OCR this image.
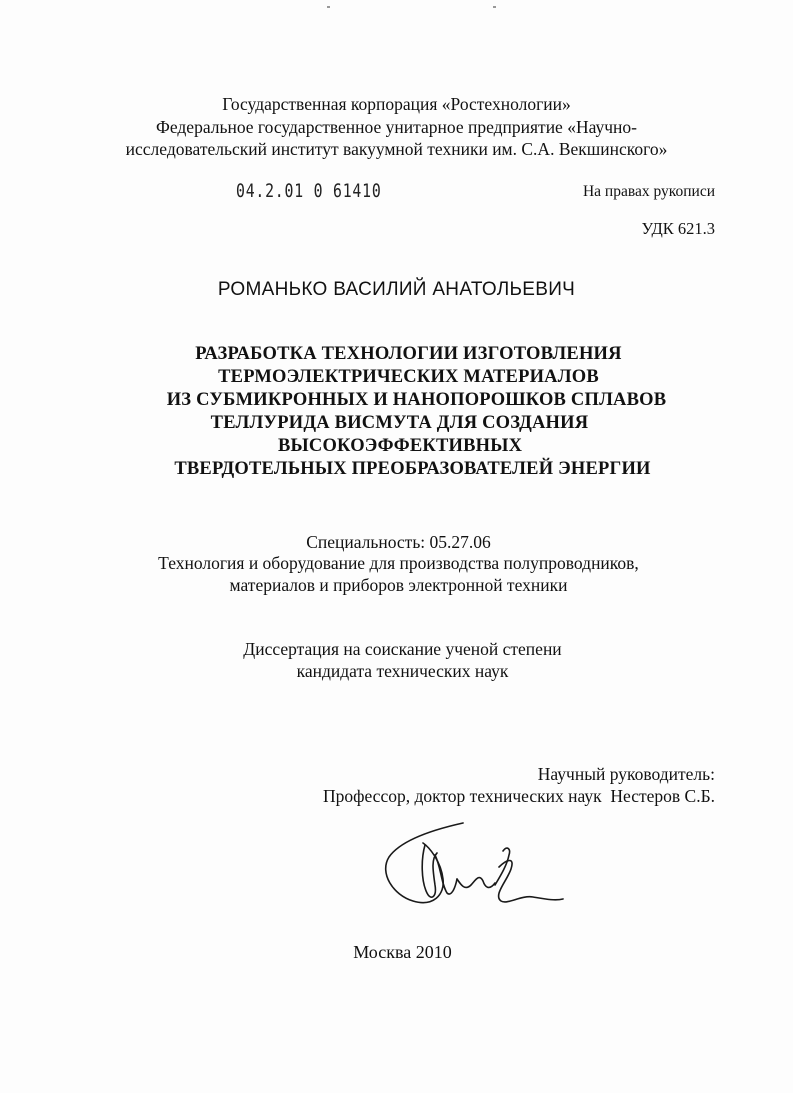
Государственная корпорация «Ростехнологии»
Федеральное государственное унитарное предприятие «Научно-
исследовательский институт вакуумной техники им. С.А. Векшинского»
04.2.01 0 61410	На правах рукописи
УДК 621.3
РОМАНЬКО ВАСИЛИЙ АНАТОЛЬЕВИЧ
РАЗРАБОТКА ТЕХНОЛОГИИ ИЗГОТОВЛЕНИЯ
ТЕРМОЭЛЕКТРИЧЕСКИХ МАТЕРИАЛОВ
ИЗ СУБМИКРОННЫХ И НАНОПОРОШКОВ СПЛАВОВ
ТЕЛЛУРИДА ВИСМУТА ДЛЯ СОЗДАНИЯ
ВЫСОКОЭФФЕКТИВНЫХ
ТВЕРДОТЕЛЬНЫХ ПРЕОБРАЗОВАТЕЛЕЙ ЭНЕРГИИ
Специальность: 05.27.06
Технология и оборудование для производства полупроводников,
материалов и приборов электронной техники
Диссертация на соискание ученой степени
кандидата технических наук
Научный руководитель:
Профессор, доктор технических наук  Нестеров С.Б.
Москва 2010
